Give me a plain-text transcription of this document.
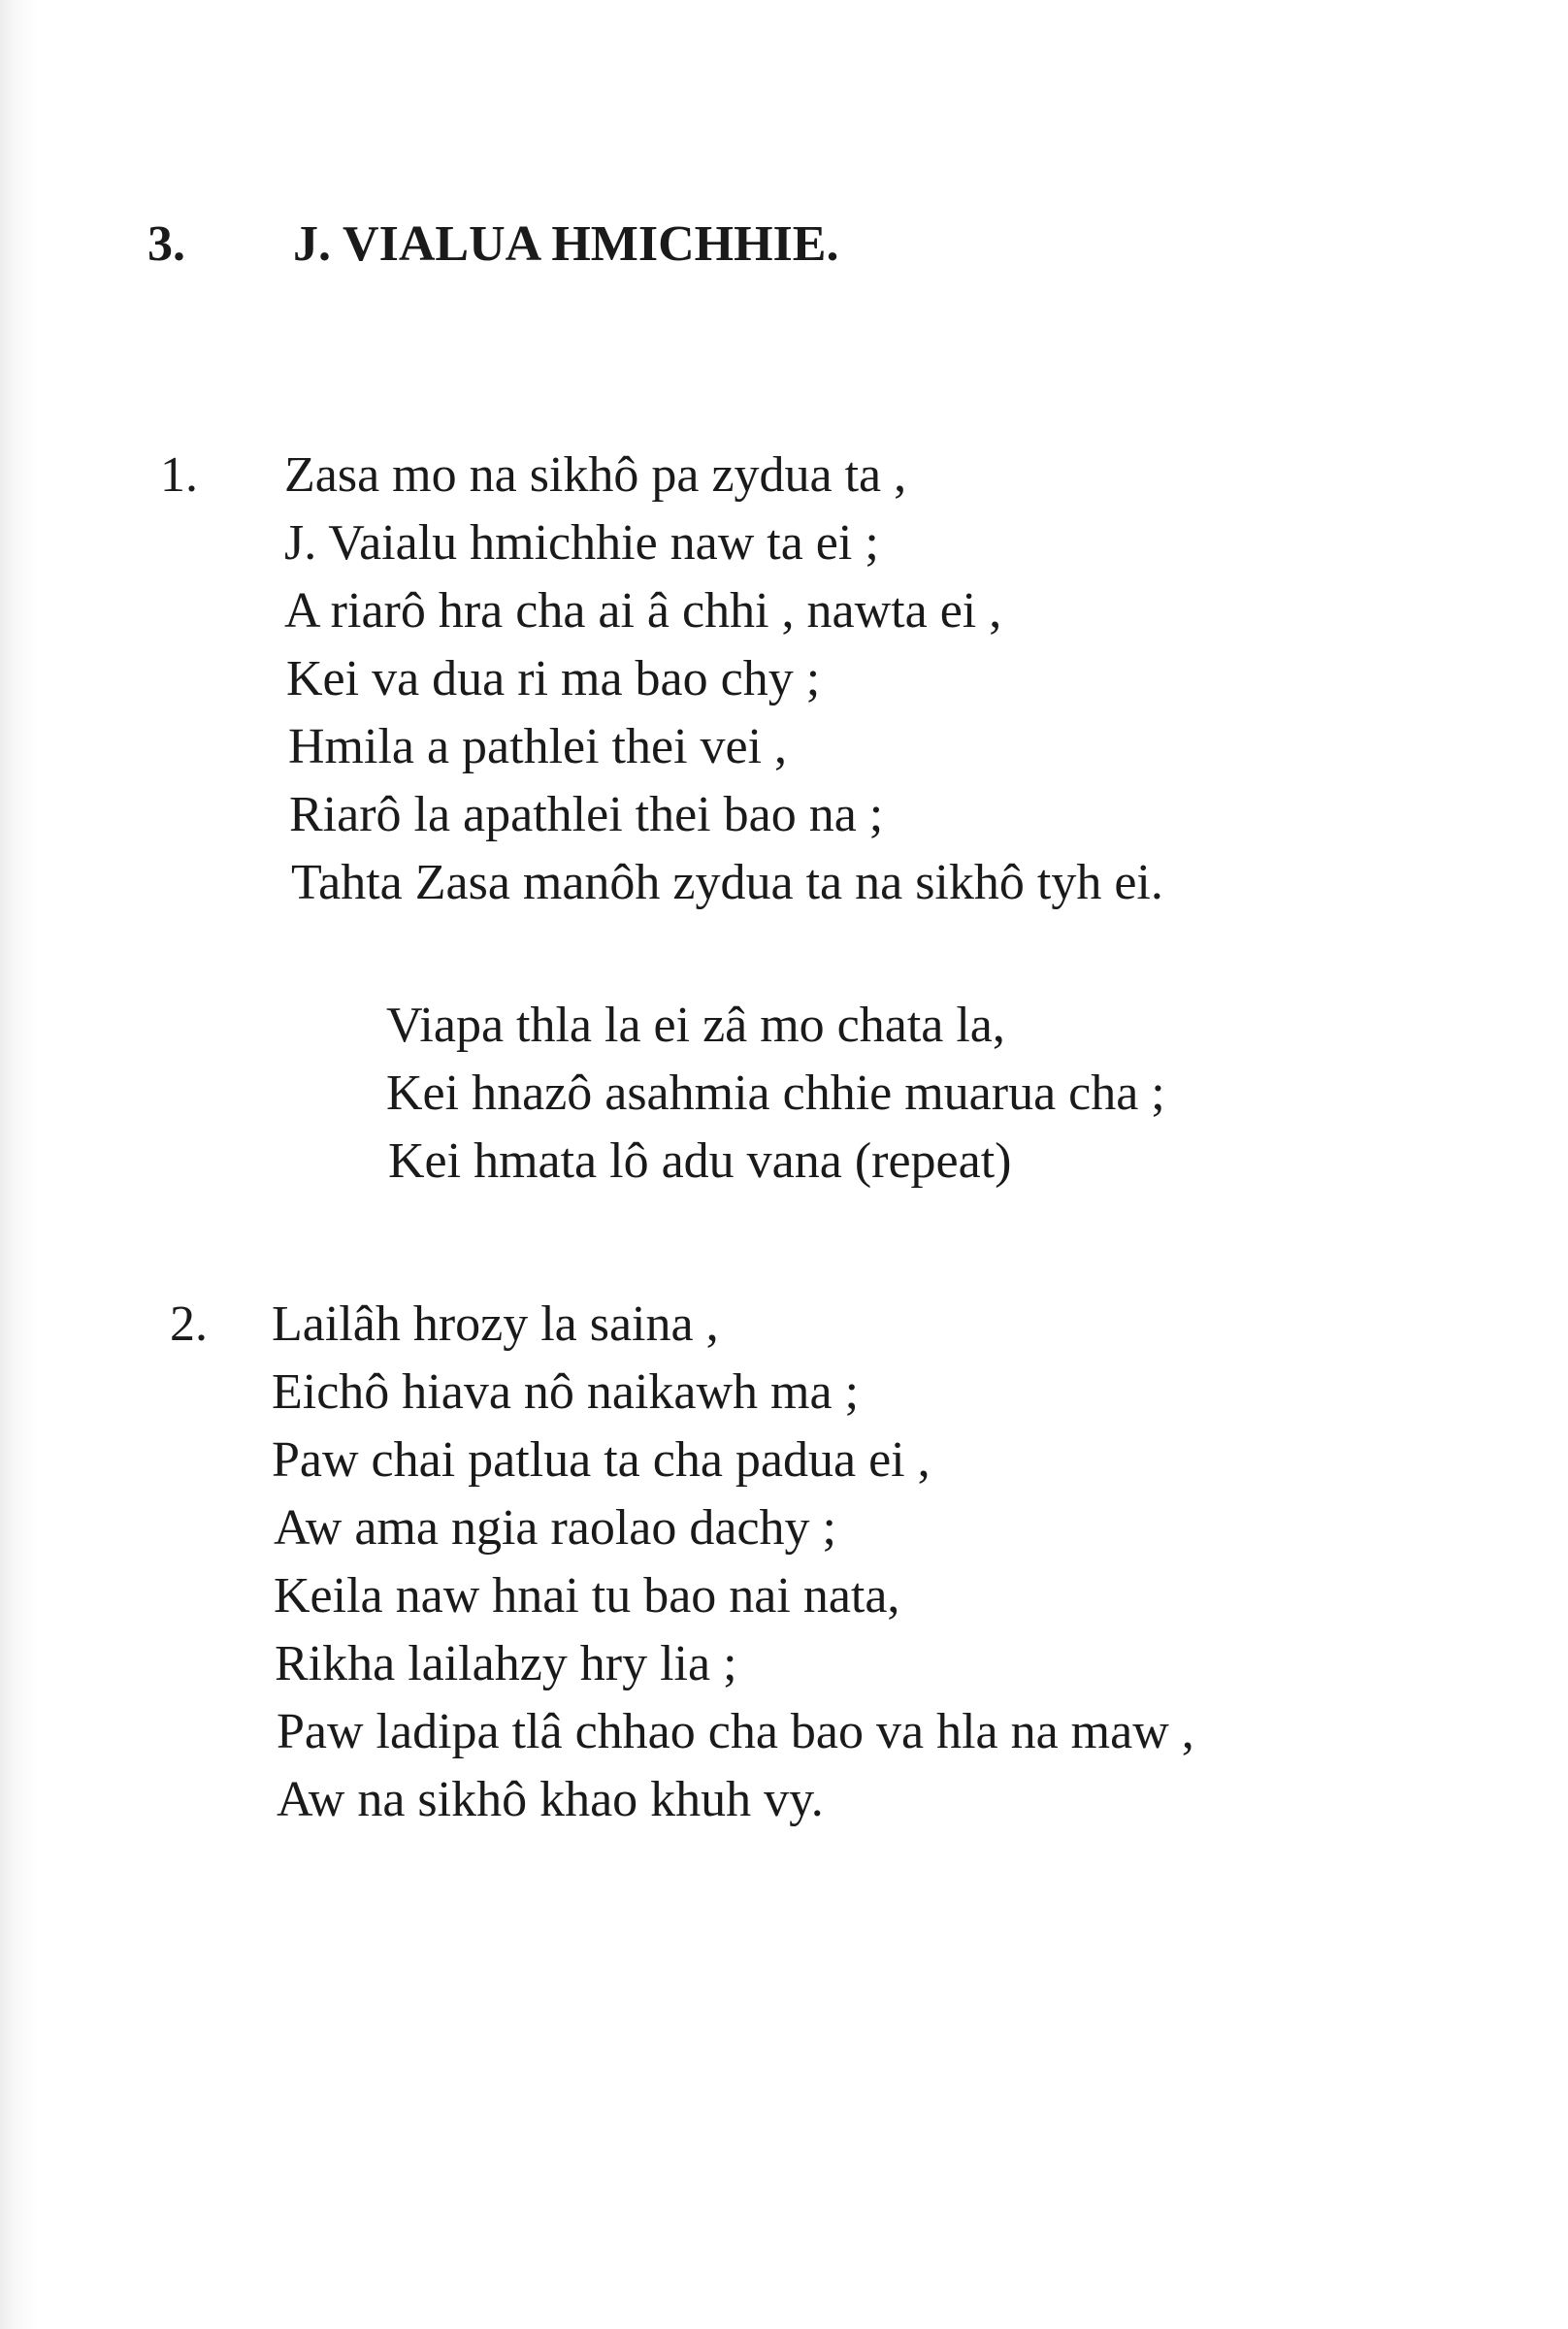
3. J. VIALUA HMICHHIE.
1. Zasa mo na sikhô pa zydua ta ,
J. Vaialu hmichhie naw ta ei ;
A riarô hra cha ai â chhi , nawta ei ,
Kei va dua ri ma bao chy ;
Hmila a pathlei thei vei ,
Riarô la apathlei thei bao na ;
Tahta Zasa manôh zydua ta na sikhô tyh ei.
Viapa thla la ei zâ mo chata la,
Kei hnazô asahmia chhie muarua cha ;
Kei hmata lô adu vana (repeat)
2. Lailâh hrozy la saina ,
Eichô hiava nô naikawh ma ;
Paw chai patlua ta cha padua ei ,
Aw ama ngia raolao dachy ;
Keila naw hnai tu bao nai nata,
Rikha lailahzy hry lia ;
Paw ladipa tlâ chhao cha bao va hla na maw ,
Aw na sikhô khao khuh vy.
